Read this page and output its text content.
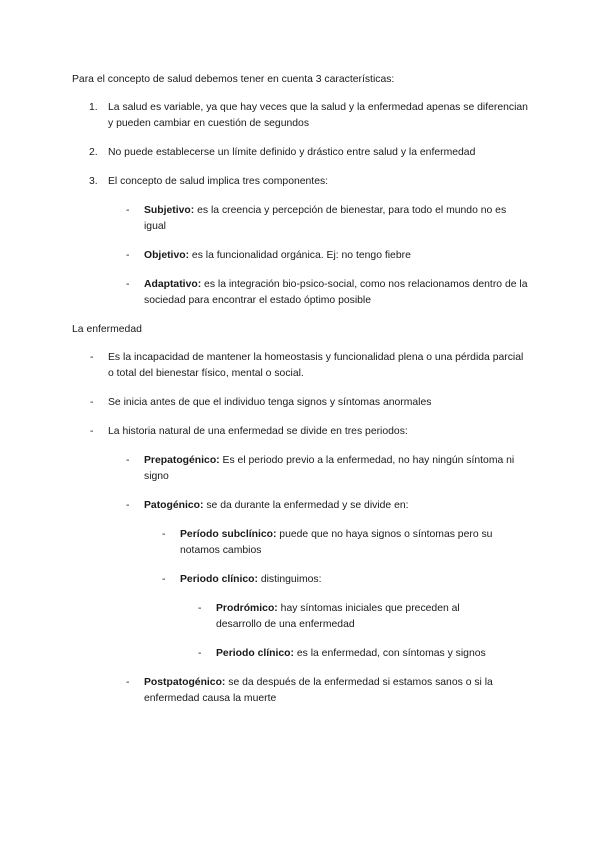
Para el concepto de salud debemos tener en cuenta 3 características:
1. La salud es variable, ya que hay veces que la salud y la enfermedad apenas se diferencian y pueden cambiar en cuestión de segundos
2. No puede establecerse un límite definido y drástico entre salud y la enfermedad
3. El concepto de salud implica tres componentes:
- Subjetivo: es la creencia y percepción de bienestar, para todo el mundo no es igual
- Objetivo: es la funcionalidad orgánica. Ej: no tengo fiebre
- Adaptativo: es la integración bio-psico-social, como nos relacionamos dentro de la sociedad para encontrar el estado óptimo posible
La enfermedad
- Es la incapacidad de mantener la homeostasis y funcionalidad plena o una pérdida parcial o total del bienestar físico, mental o social.
- Se inicia antes de que el individuo tenga signos y síntomas anormales
- La historia natural de una enfermedad se divide en tres periodos:
- Prepatogénico: Es el periodo previo a la enfermedad, no hay ningún síntoma ni signo
- Patogénico: se da durante la enfermedad y se divide en:
- Período subclínico: puede que no haya signos o síntomas pero su notamos cambios
- Periodo clínico: distinguimos:
- Prodrómico: hay síntomas iniciales que preceden al desarrollo de una enfermedad
- Periodo clínico: es la enfermedad, con síntomas y signos
- Postpatogénico: se da después de la enfermedad si estamos sanos o si la enfermedad causa la muerte
